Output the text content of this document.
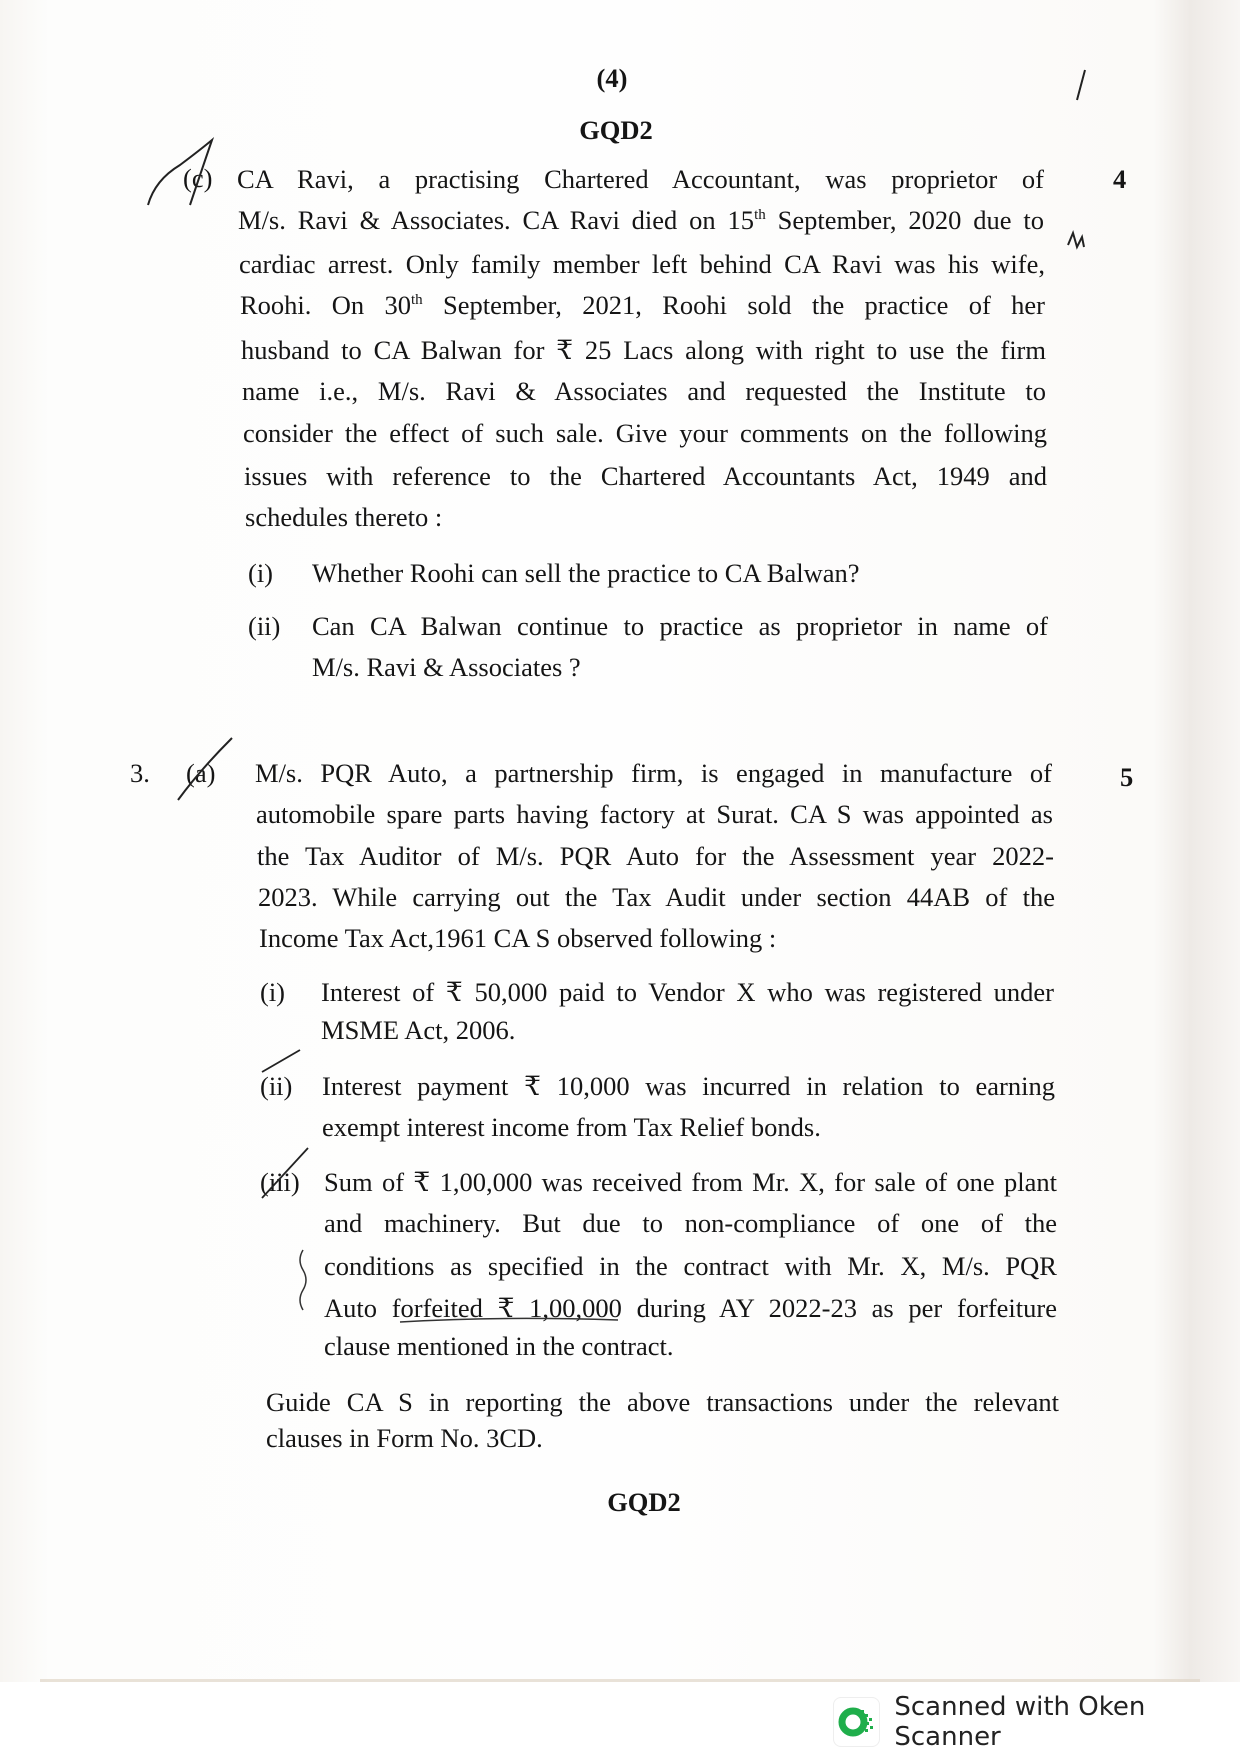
(4)
GQD2
(c)	4
CA Ravi, a practising Chartered Accountant, was proprietor of
M/s. Ravi & Associates. CA Ravi died on 15th September, 2020 due to
cardiac arrest. Only family member left behind CA Ravi was his wife,
Roohi. On 30th September, 2021, Roohi sold the practice of her
husband to CA Balwan for ₹ 25 Lacs along with right to use the firm
name i.e., M/s. Ravi & Associates and requested the Institute to
consider the effect of such sale. Give your comments on the following
issues with reference to the Chartered Accountants Act, 1949 and
schedules thereto :
(i) Whether Roohi can sell the practice to CA Balwan?
(ii) Can CA Balwan continue to practice as proprietor in name of
M/s. Ravi & Associates ?
3. (a)	5
M/s. PQR Auto, a partnership firm, is engaged in manufacture of
automobile spare parts having factory at Surat. CA S was appointed as
the Tax Auditor of M/s. PQR Auto for the Assessment year 2022-
2023. While carrying out the Tax Audit under section 44AB of the
Income Tax Act,1961 CA S observed following :
(i) Interest of ₹ 50,000 paid to Vendor X who was registered under
MSME Act, 2006.
(ii) Interest payment ₹ 10,000 was incurred in relation to earning
exempt interest income from Tax Relief bonds.
(iii) Sum of ₹ 1,00,000 was received from Mr. X, for sale of one plant
and machinery. But due to non-compliance of one of the
conditions as specified in the contract with Mr. X, M/s. PQR
Auto forfeited ₹ 1,00,000 during AY 2022-23 as per forfeiture
clause mentioned in the contract.
Guide CA S in reporting the above transactions under the relevant
clauses in Form No. 3CD.
GQD2
Scanned with Oken Scanner
